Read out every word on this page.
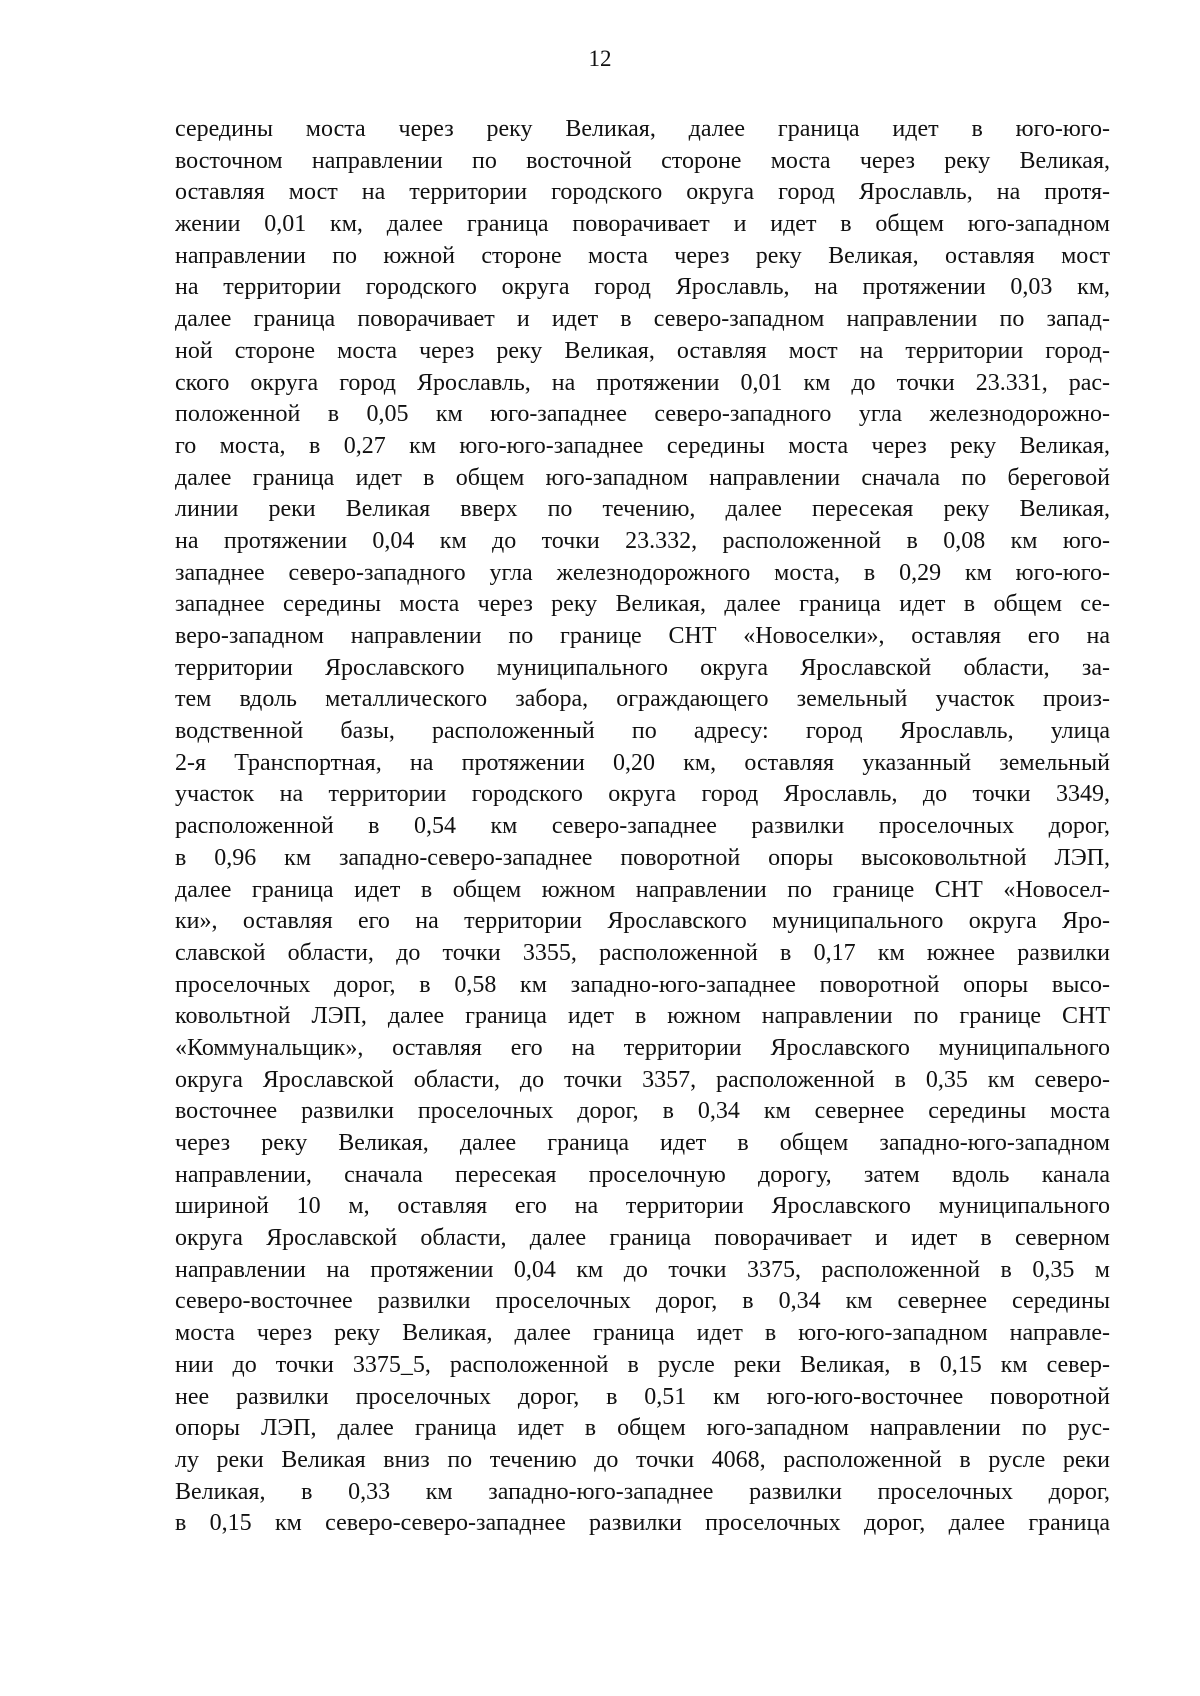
12
середины моста через реку Великая, далее граница идет в юго-юго-
восточном направлении по восточной стороне моста через реку Великая,
оставляя мост на территории городского округа город Ярославль, на протя-
жении 0,01 км, далее граница поворачивает и идет в общем юго-западном
направлении по южной стороне моста через реку Великая, оставляя мост
на территории городского округа город Ярославль, на протяжении 0,03 км,
далее граница поворачивает и идет в северо-западном направлении по запад-
ной стороне моста через реку Великая, оставляя мост на территории город-
ского округа город Ярославль, на протяжении 0,01 км до точки 23.331, рас-
положенной в 0,05 км юго-западнее северо-западного угла железнодорожно-
го моста, в 0,27 км юго-юго-западнее середины моста через реку Великая,
далее граница идет в общем юго-западном направлении сначала по береговой
линии реки Великая вверх по течению, далее пересекая реку Великая,
на протяжении 0,04 км до точки 23.332, расположенной в 0,08 км юго-
западнее северо-западного угла железнодорожного моста, в 0,29 км юго-юго-
западнее середины моста через реку Великая, далее граница идет в общем се-
веро-западном направлении по границе СНТ «Новоселки», оставляя его на
территории Ярославского муниципального округа Ярославской области, за-
тем вдоль металлического забора, ограждающего земельный участок произ-
водственной базы, расположенный по адресу: город Ярославль, улица
2-я Транспортная, на протяжении 0,20 км, оставляя указанный земельный
участок на территории городского округа город Ярославль, до точки 3349,
расположенной в 0,54 км северо-западнее развилки проселочных дорог,
в 0,96 км западно-северо-западнее поворотной опоры высоковольтной ЛЭП,
далее граница идет в общем южном направлении по границе СНТ «Новосел-
ки», оставляя его на территории Ярославского муниципального округа Яро-
славской области, до точки 3355, расположенной в 0,17 км южнее развилки
проселочных дорог, в 0,58 км западно-юго-западнее поворотной опоры высо-
ковольтной ЛЭП, далее граница идет в южном направлении по границе СНТ
«Коммунальщик», оставляя его на территории Ярославского муниципального
округа Ярославской области, до точки 3357, расположенной в 0,35 км северо-
восточнее развилки проселочных дорог, в 0,34 км севернее середины моста
через реку Великая, далее граница идет в общем западно-юго-западном
направлении, сначала пересекая проселочную дорогу, затем вдоль канала
шириной 10 м, оставляя его на территории Ярославского муниципального
округа Ярославской области, далее граница поворачивает и идет в северном
направлении на протяжении 0,04 км до точки 3375, расположенной в 0,35 м
северо-восточнее развилки проселочных дорог, в 0,34 км севернее середины
моста через реку Великая, далее граница идет в юго-юго-западном направле-
нии до точки 3375_5, расположенной в русле реки Великая, в 0,15 км север-
нее развилки проселочных дорог, в 0,51 км юго-юго-восточнее поворотной
опоры ЛЭП, далее граница идет в общем юго-западном направлении по рус-
лу реки Великая вниз по течению до точки 4068, расположенной в русле реки
Великая, в 0,33 км западно-юго-западнее развилки проселочных дорог,
в 0,15 км северо-северо-западнее развилки проселочных дорог, далее граница
